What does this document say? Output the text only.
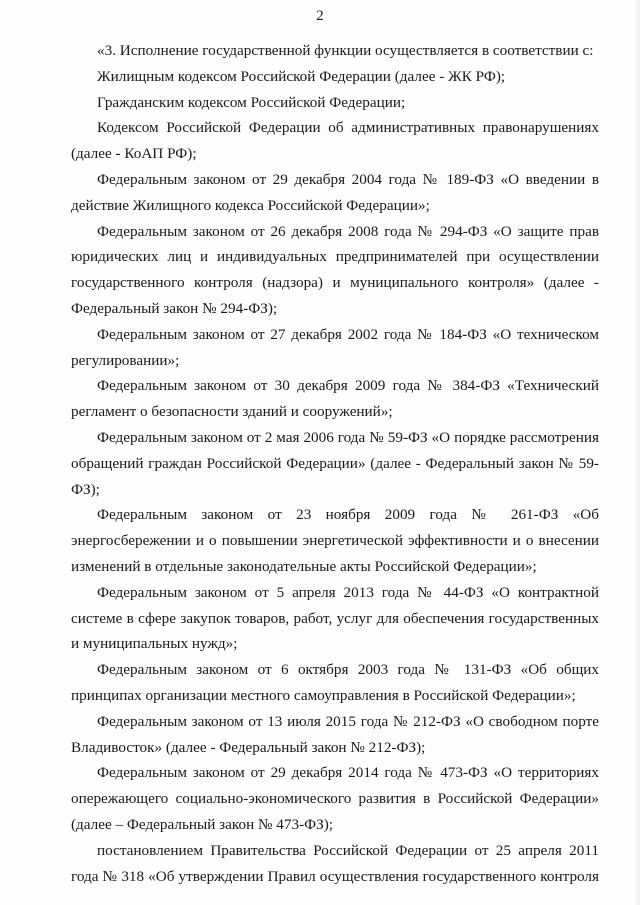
2

«3. Исполнение государственной функции осуществляется в соответствии с:

Жилищным кодексом Российской Федерации (далее - ЖК РФ);

Гражданским кодексом Российской Федерации;

Кодексом Российской Федерации об административных правонарушениях (далее - КоАП РФ);

Федеральным законом от 29 декабря 2004 года № 189-ФЗ «О введении в действие Жилищного кодекса Российской Федерации»;

Федеральным законом от 26 декабря 2008 года № 294-ФЗ «О защите прав юридических лиц и индивидуальных предпринимателей при осуществлении государственного контроля (надзора) и муниципального контроля» (далее - Федеральный закон № 294-ФЗ);

Федеральным законом от 27 декабря 2002 года № 184-ФЗ «О техническом регулировании»;

Федеральным законом от 30 декабря 2009 года № 384-ФЗ «Технический регламент о безопасности зданий и сооружений»;

Федеральным законом от 2 мая 2006 года № 59-ФЗ «О порядке рассмотрения обращений граждан Российской Федерации» (далее - Федеральный закон № 59-ФЗ);

Федеральным законом от 23 ноября 2009 года № 261-ФЗ «Об энергосбережении и о повышении энергетической эффективности и о внесении изменений в отдельные законодательные акты Российской Федерации»;

Федеральным законом от 5 апреля 2013 года № 44-ФЗ «О контрактной системе в сфере закупок товаров, работ, услуг для обеспечения государственных и муниципальных нужд»;

Федеральным законом от 6 октября 2003 года № 131-ФЗ «Об общих принципах организации местного самоуправления в Российской Федерации»;

Федеральным законом от 13 июля 2015 года № 212-ФЗ «О свободном порте Владивосток» (далее - Федеральный закон № 212-ФЗ);

Федеральным законом от 29 декабря 2014 года № 473-ФЗ «О территориях опережающего социально-экономического развития в Российской Федерации» (далее – Федеральный закон № 473-ФЗ);

постановлением Правительства Российской Федерации от 25 апреля 2011 года № 318 «Об утверждении Правил осуществления государственного контроля
